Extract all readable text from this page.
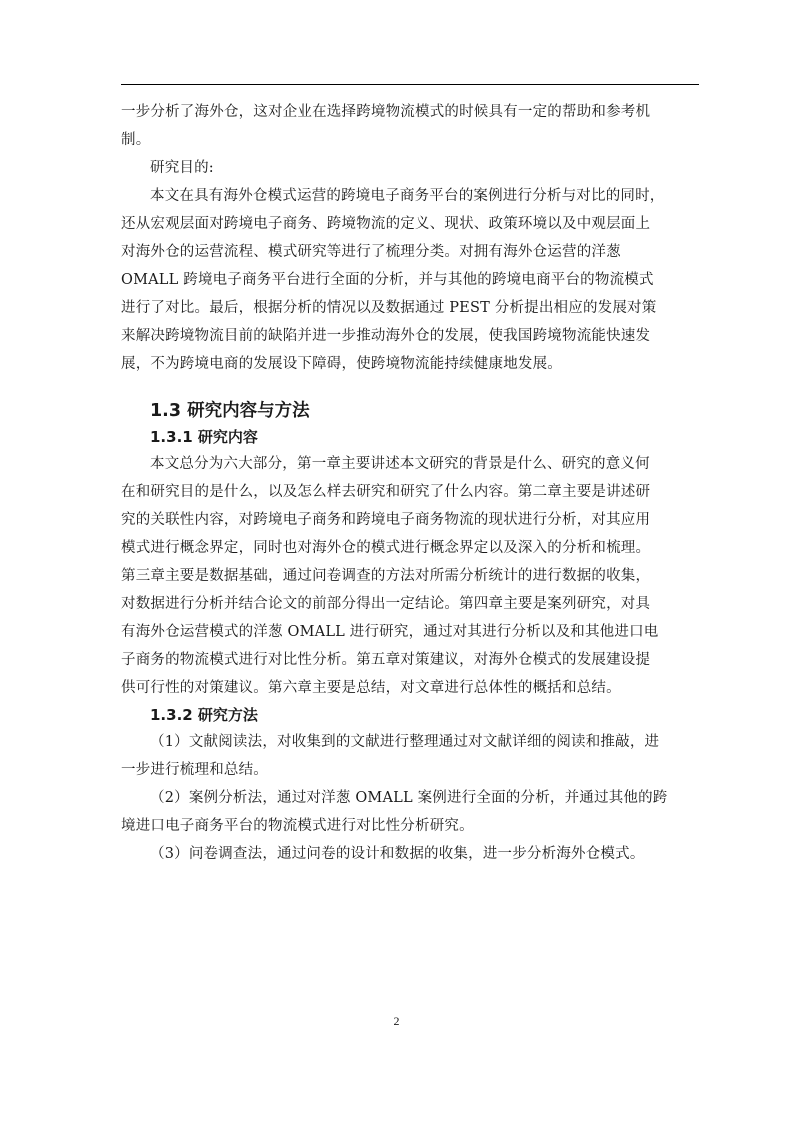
一步分析了海外仓，这对企业在选择跨境物流模式的时候具有一定的帮助和参考机
制。

研究目的:

本文在具有海外仓模式运营的跨境电子商务平台的案例进行分析与对比的同时，
还从宏观层面对跨境电子商务、跨境物流的定义、现状、政策环境以及中观层面上
对海外仓的运营流程、模式研究等进行了梳理分类。对拥有海外仓运营的洋葱
OMALL 跨境电子商务平台进行全面的分析，并与其他的跨境电商平台的物流模式
进行了对比。最后，根据分析的情况以及数据通过 PEST 分析提出相应的发展对策
来解决跨境物流目前的缺陷并进一步推动海外仓的发展，使我国跨境物流能快速发
展，不为跨境电商的发展设下障碍，使跨境物流能持续健康地发展。

1.3 研究内容与方法
1.3.1 研究内容

本文总分为六大部分，第一章主要讲述本文研究的背景是什么、研究的意义何
在和研究目的是什么，以及怎么样去研究和研究了什么内容。第二章主要是讲述研
究的关联性内容，对跨境电子商务和跨境电子商务物流的现状进行分析，对其应用
模式进行概念界定，同时也对海外仓的模式进行概念界定以及深入的分析和梳理。
第三章主要是数据基础，通过问卷调查的方法对所需分析统计的进行数据的收集，
对数据进行分析并结合论文的前部分得出一定结论。第四章主要是案列研究，对具
有海外仓运营模式的洋葱 OMALL 进行研究，通过对其进行分析以及和其他进口电
子商务的物流模式进行对比性分析。第五章对策建议，对海外仓模式的发展建设提
供可行性的对策建议。第六章主要是总结，对文章进行总体性的概括和总结。

1.3.2 研究方法

（1）文献阅读法，对收集到的文献进行整理通过对文献详细的阅读和推敲，进
一步进行梳理和总结。

（2）案例分析法，通过对洋葱 OMALL 案例进行全面的分析，并通过其他的跨
境进口电子商务平台的物流模式进行对比性分析研究。

（3）问卷调查法，通过问卷的设计和数据的收集，进一步分析海外仓模式。

2
